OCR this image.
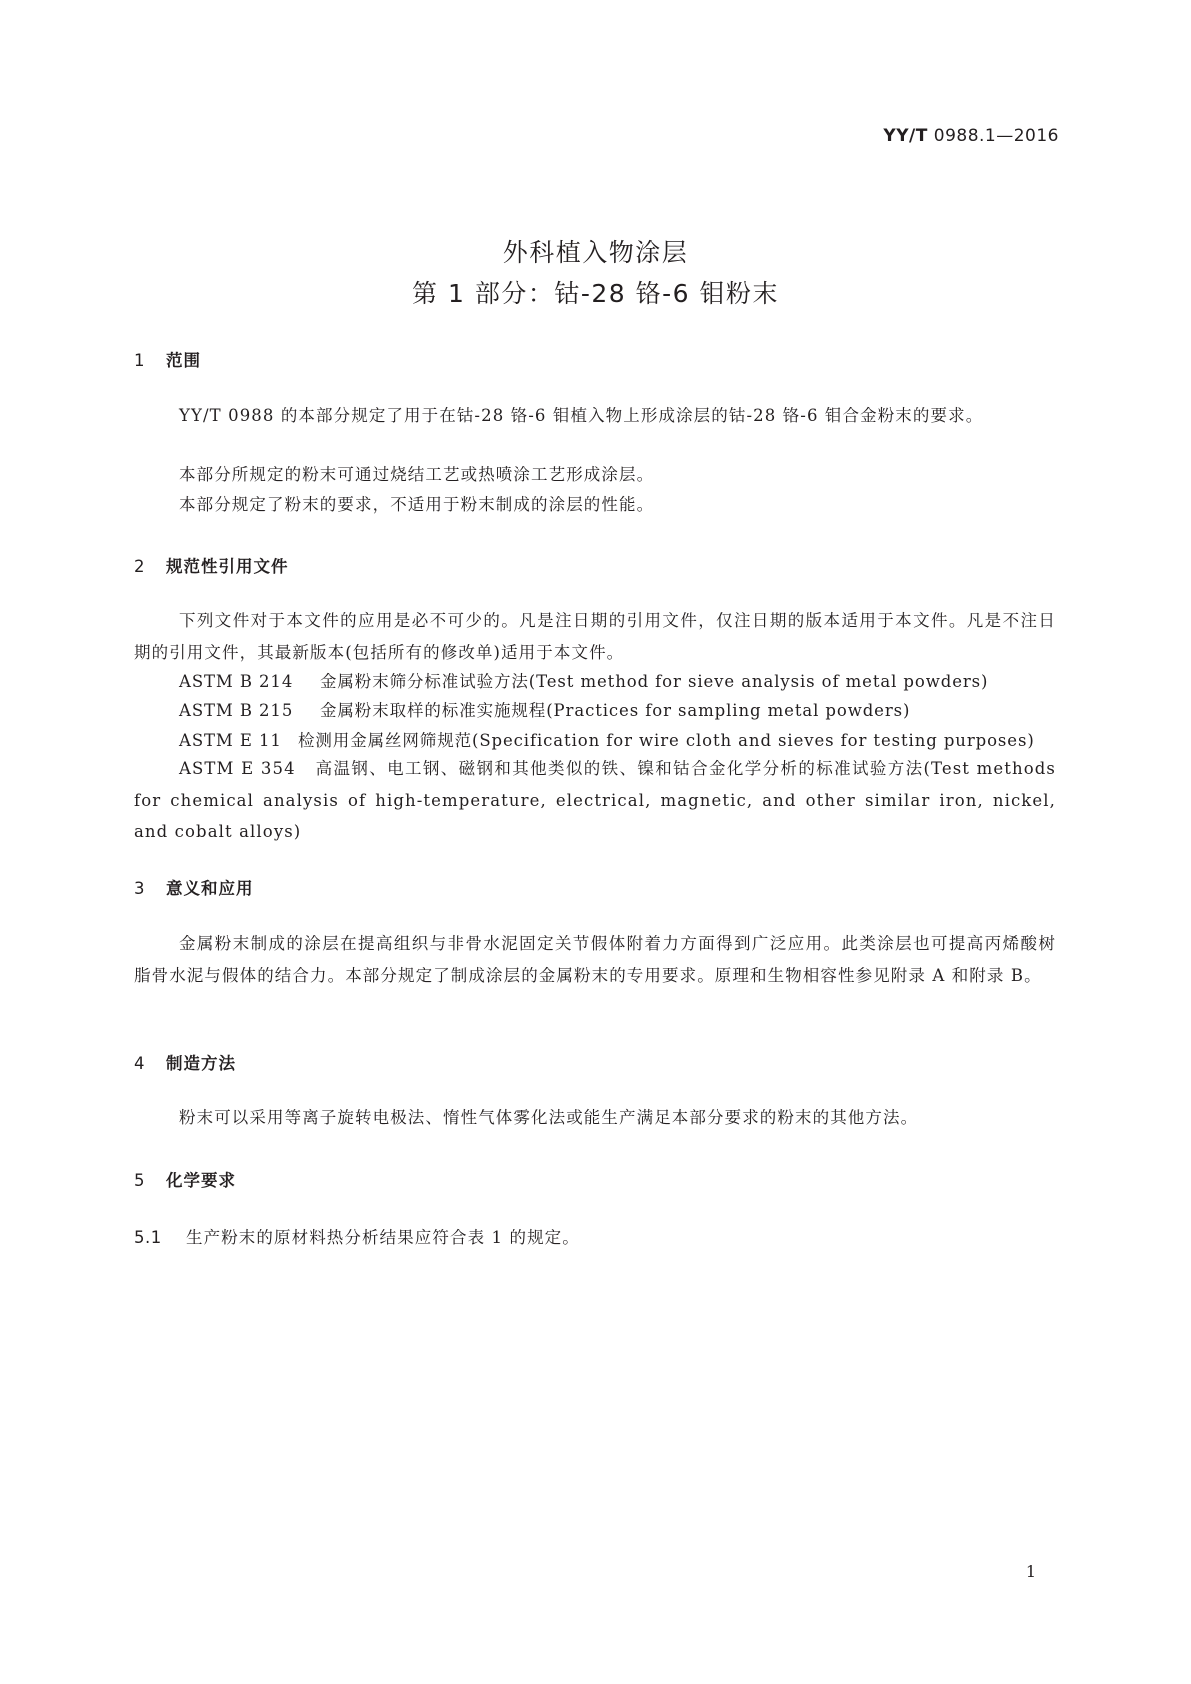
YY/T 0988.1—2016
外科植入物涂层
第 1 部分：钴-28 铬-6 钼粉末
1 范围
YY/T 0988 的本部分规定了用于在钴-28 铬-6 钼植入物上形成涂层的钴-28 铬-6 钼合金粉末的要求。
本部分所规定的粉末可通过烧结工艺或热喷涂工艺形成涂层。
本部分规定了粉末的要求，不适用于粉末制成的涂层的性能。
2 规范性引用文件
下列文件对于本文件的应用是必不可少的。凡是注日期的引用文件，仅注日期的版本适用于本文件。凡是不注日期的引用文件，其最新版本(包括所有的修改单)适用于本文件。
ASTM B 214 金属粉末筛分标准试验方法(Test method for sieve analysis of metal powders)
ASTM B 215 金属粉末取样的标准实施规程(Practices for sampling metal powders)
ASTM E 11 检测用金属丝网筛规范(Specification for wire cloth and sieves for testing purposes)
ASTM E 354 高温钢、电工钢、磁钢和其他类似的铁、镍和钴合金化学分析的标准试验方法(Test methods for chemical analysis of high-temperature, electrical, magnetic, and other similar iron, nickel, and cobalt alloys)
3 意义和应用
金属粉末制成的涂层在提高组织与非骨水泥固定关节假体附着力方面得到广泛应用。此类涂层也可提高丙烯酸树脂骨水泥与假体的结合力。本部分规定了制成涂层的金属粉末的专用要求。原理和生物相容性参见附录 A 和附录 B。
4 制造方法
粉末可以采用等离子旋转电极法、惰性气体雾化法或能生产满足本部分要求的粉末的其他方法。
5 化学要求
5.1 生产粉末的原材料热分析结果应符合表 1 的规定。
1
